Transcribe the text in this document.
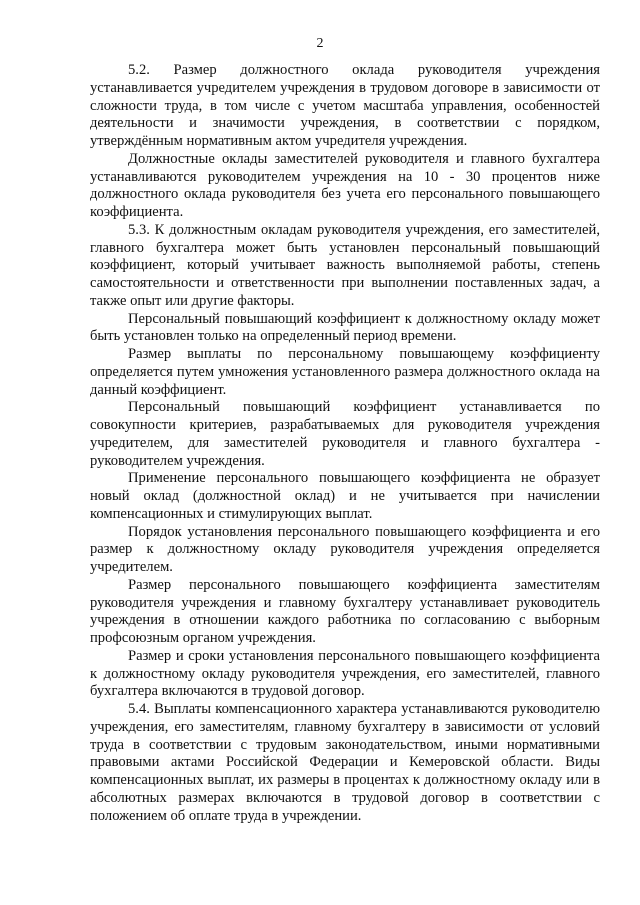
2

5.2. Размер должностного оклада руководителя учреждения устанавливается учредителем учреждения в трудовом договоре в зависимости от сложности труда, в том числе с учетом масштаба управления, особенностей деятельности и значимости учреждения, в соответствии с порядком, утверждённым нормативным актом учредителя учреждения.

Должностные оклады заместителей руководителя и главного бухгалтера устанавливаются руководителем учреждения на 10 - 30 процентов ниже должностного оклада руководителя без учета его персонального повышающего коэффициента.

5.3. К должностным окладам руководителя учреждения, его заместителей, главного бухгалтера может быть установлен персональный повышающий коэффициент, который учитывает важность выполняемой работы, степень самостоятельности и ответственности при выполнении поставленных задач, а также опыт или другие факторы.

Персональный повышающий коэффициент к должностному окладу может быть установлен только на определенный период времени.

Размер выплаты по персональному повышающему коэффициенту определяется путем умножения установленного размера должностного оклада на данный коэффициент.

Персональный повышающий коэффициент устанавливается по совокупности критериев, разрабатываемых для руководителя учреждения учредителем, для заместителей руководителя и главного бухгалтера - руководителем учреждения.

Применение персонального повышающего коэффициента не образует новый оклад (должностной оклад) и не учитывается при начислении компенсационных и стимулирующих выплат.

Порядок установления персонального повышающего коэффициента и его размер к должностному окладу руководителя учреждения определяется учредителем.

Размер персонального повышающего коэффициента заместителям руководителя учреждения и главному бухгалтеру устанавливает руководитель учреждения в отношении каждого работника по согласованию с выборным профсоюзным органом учреждения.

Размер и сроки установления персонального повышающего коэффициента к должностному окладу руководителя учреждения, его заместителей, главного бухгалтера включаются в трудовой договор.

5.4. Выплаты компенсационного характера устанавливаются руководителю учреждения, его заместителям, главному бухгалтеру в зависимости от условий труда в соответствии с трудовым законодательством, иными нормативными правовыми актами Российской Федерации и Кемеровской области. Виды компенсационных выплат, их размеры в процентах к должностному окладу или в абсолютных размерах включаются в трудовой договор в соответствии с положением об оплате труда в учреждении.
